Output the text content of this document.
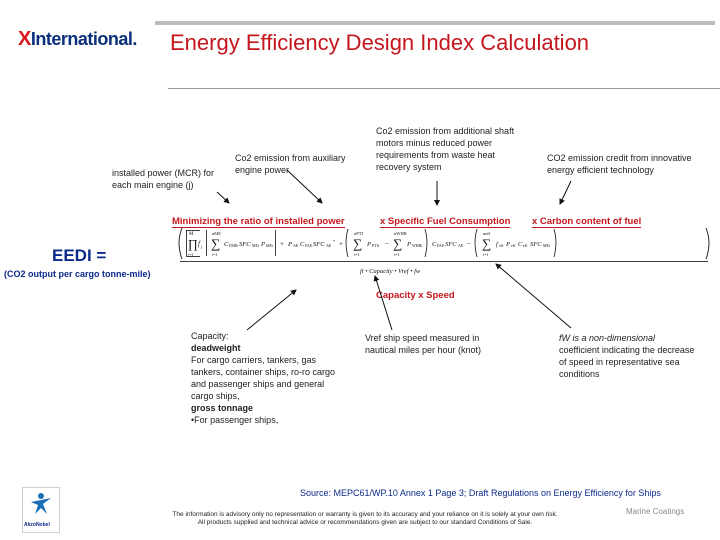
XInternational. Energy Efficiency Design Index Calculation
installed power (MCR) for each main engine (j)
Co2 emission from auxiliary engine power
Co2 emission from additional shaft motors minus reduced power requirements from waste heat recovery system
CO2 emission credit from innovative energy efficient technology
Minimizing the ratio of installed power	x Specific Fuel Consumption x Carbon content of fuel
EEDI =
(CO2 output per cargo tonne-mile)
M
∏ f j
j=1
nME
∑
i=1
C FMEi SFC MEi P MEi + P AE C FAE SFC AE
* +
nPTI
∑
i=1
P PTIi −
nWHR
∑
i=1
P WHRi C FAE SFC AE −
neff
∑
i=1
f eff P eff C eff SFC MEi
fi • Capacity • Vref • fw
Capacity x Speed
Capacity:
deadweight
For cargo carriers, tankers, gas tankers, container ships, ro-ro cargo and passenger ships and general cargo ships,
gross tonnage
•For passenger ships,
Vref ship speed measured in nautical miles per hour (knot)
fW is a non-dimensional
coefficient indicating the decrease of speed in representative sea conditions
Source: MEPC61/WP.10 Annex 1 Page 3; Draft Regulations on Energy Efficiency for Ships
AkzoNobel
The information is advisory only no representation or warranty is given to its accuracy and your reliance on it is solely at your own risk.
All products supplied and technical advice or recommendations given are subject to our standard Conditions of Sale.
Marine Coatings
